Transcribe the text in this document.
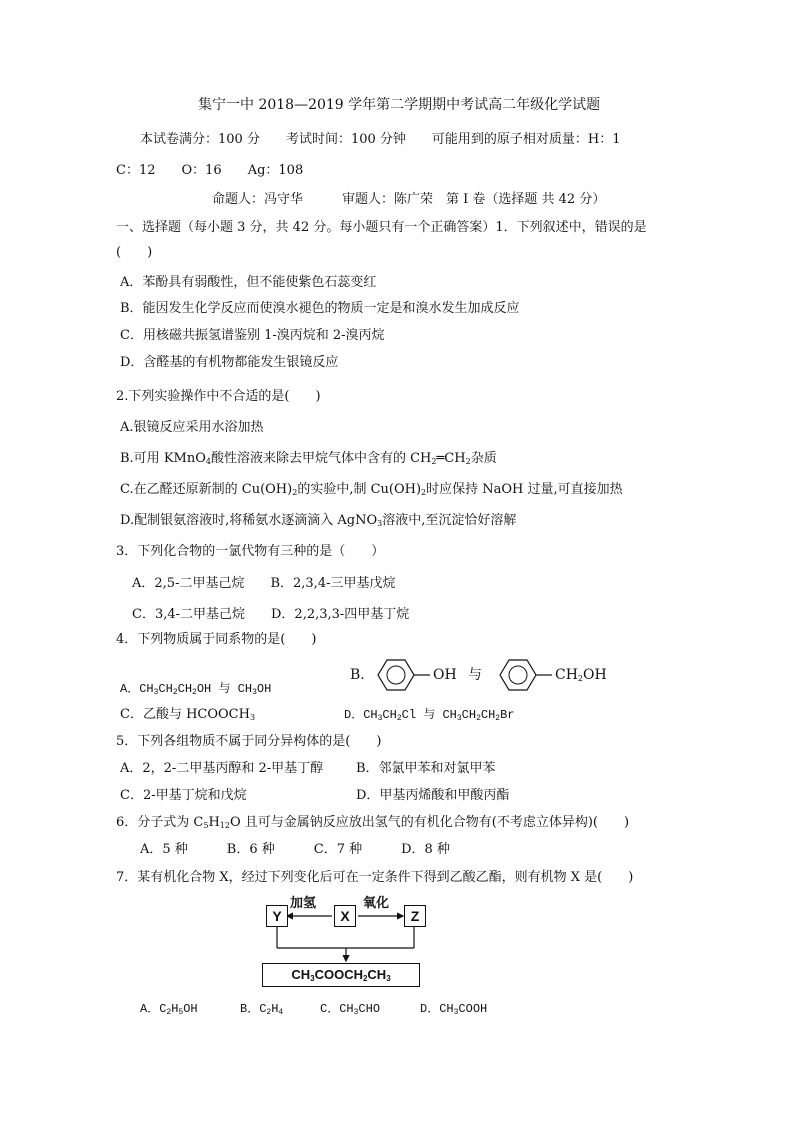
集宁一中 2018—2019 学年第二学期期中考试高二年级化学试题
本试卷满分：100 分　　考试时间：100 分钟　　可能用到的原子相对质量：H：1
C：12　　O：16　　Ag：108
命题人：冯守华　　　审题人：陈广荣　第 I 卷（选择题 共 42 分）
一、选择题（每小题 3 分，共 42 分。每小题只有一个正确答案）1．下列叙述中，错误的是
(　　)
A．苯酚具有弱酸性，但不能使紫色石蕊变红
B．能因发生化学反应而使溴水褪色的物质一定是和溴水发生加成反应
C．用核磁共振氢谱鉴别 1-溴丙烷和 2-溴丙烷
D．含醛基的有机物都能发生银镜反应
2.下列实验操作中不合适的是(　　)
A.银镜反应采用水浴加热
B.可用 KMnO$_4$酸性溶液来除去甲烷气体中含有的 $CH_2═CH_2$杂质
C.在乙醛还原新制的 $Cu(OH)_2$的实验中,制 $Cu(OH)_2$时应保持 NaOH 过量,可直接加热
D.配制银氨溶液时,将稀氨水逐滴滴入 AgNO$_3$溶液中,至沉淀恰好溶解
3．下列化合物的一氯代物有三种的是（　　）
A．2,5-二甲基己烷　　B．2,3,4-三甲基戊烷
C．3,4-二甲基己烷　　D．2,2,3,3-四甲基丁烷
4．下列物质属于同系物的是(　　)
A．$CH_3CH_2CH_2OH$ 与 $CH_3OH$
B.	OH 与	$CH_2OH$
C．乙酸与 $HCOOCH_3$	D．$CH_3CH_2Cl$ 与 $CH_3CH_2CH_2Br$
5．下列各组物质不属于同分异构体的是(　　)
A．2，2-二甲基丙醇和 2-甲基丁醇	B．邻氯甲苯和对氯甲苯
C．2-甲基丁烷和戊烷	D．甲基丙烯酸和甲酸丙酯
6．分子式为 $C_5H_{12}O$ 且可与金属钠反应放出氢气的有机化合物有(不考虑立体异构)(　　)
A．5 种　　　B．6 种　　　C．7 种　　　D．8 种
7．某有机化合物 X，经过下列变化后可在一定条件下得到乙酸乙酯，则有机物 X 是(　　)
Y	X	Z
加氢	氧化
$CH_3COOCH_2CH_3$
A．$C_2H_5OH$	B．$C_2H_4$	C．$CH_3CHO$	D．$CH_3COOH$
